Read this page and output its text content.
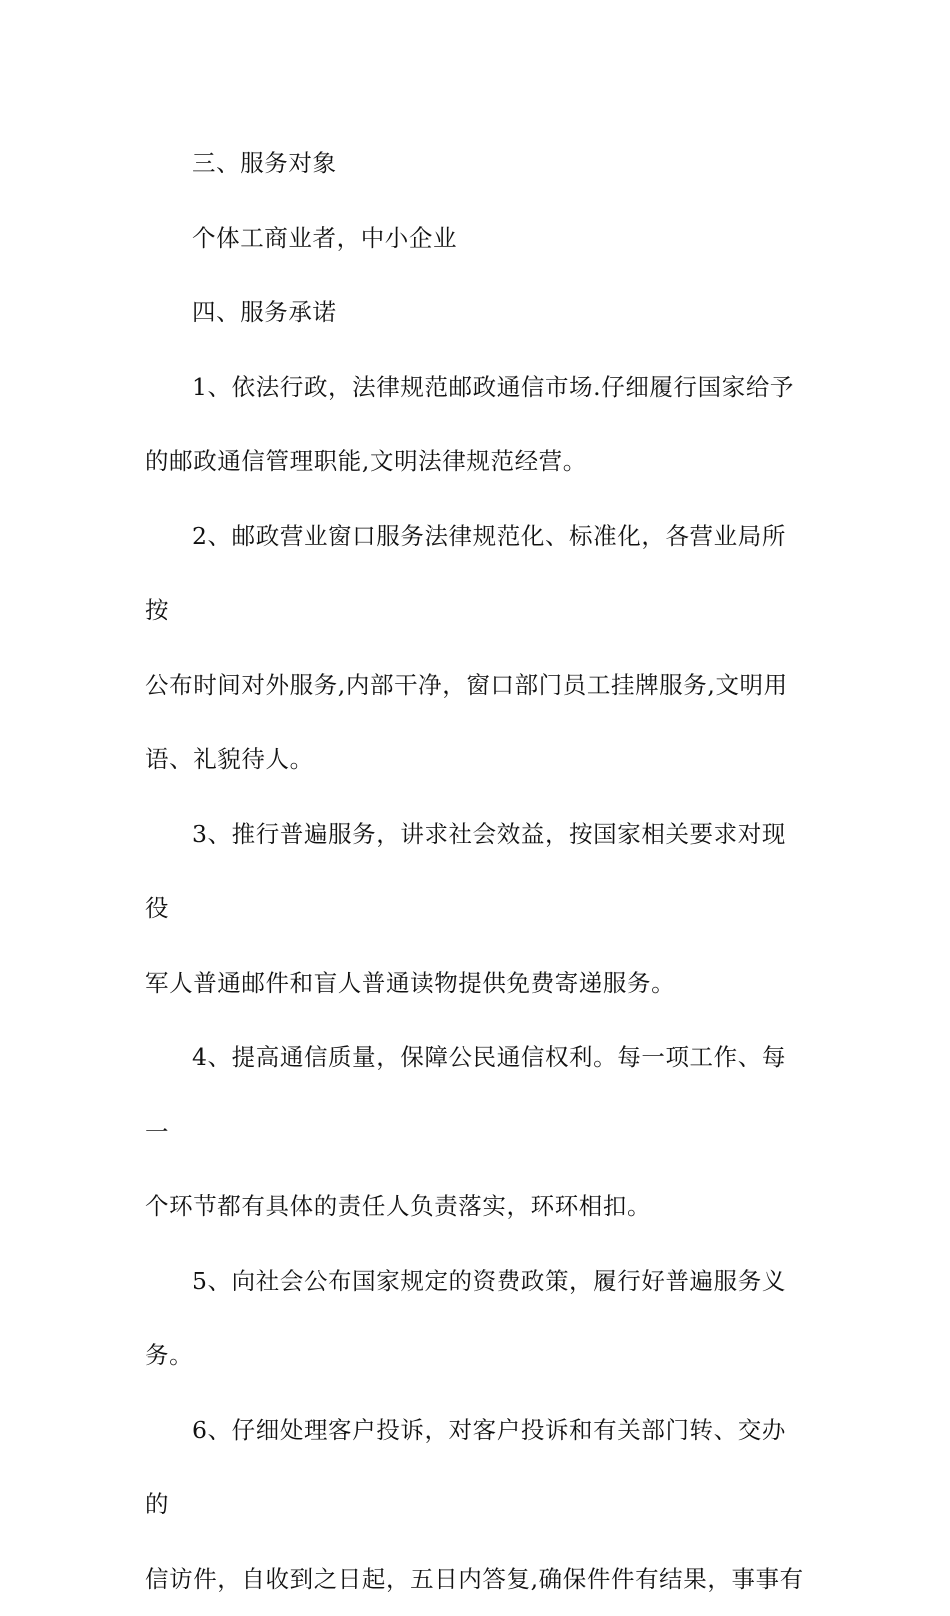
三、服务对象

个体工商业者，中小企业

四、服务承诺

1、依法行政，法律规范邮政通信市场.仔细履行国家给予

的邮政通信管理职能,文明法律规范经营。

2、邮政营业窗口服务法律规范化、标准化，各营业局所按

公布时间对外服务,内部干净，窗口部门员工挂牌服务,文明用

语、礼貌待人。

3、推行普遍服务，讲求社会效益，按国家相关要求对现役

军人普通邮件和盲人普通读物提供免费寄递服务。

4、提高通信质量，保障公民通信权利。每一项工作、每一

个环节都有具体的责任人负责落实，环环相扣。

5、向社会公布国家规定的资费政策，履行好普遍服务义务。

6、仔细处理客户投诉，对客户投诉和有关部门转、交办的

信访件，自收到之日起，五日内答复,确保件件有结果，事事有
